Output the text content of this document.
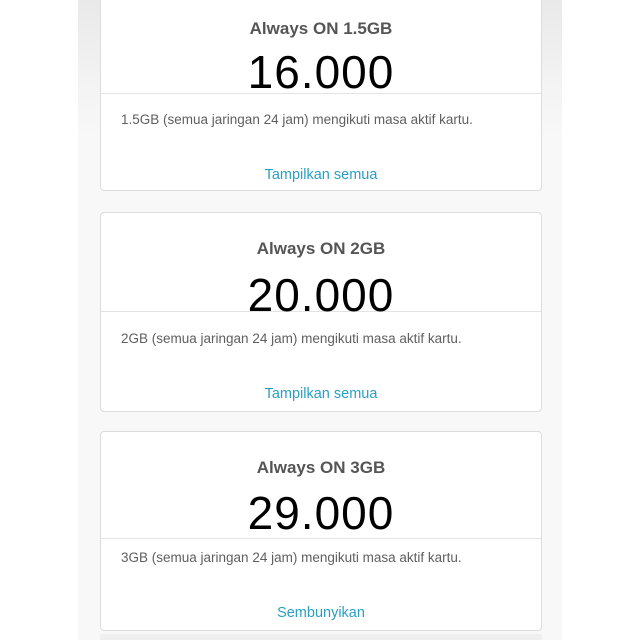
Always ON 1.5GB
16.000
1.5GB (semua jaringan 24 jam) mengikuti masa aktif kartu.
Tampilkan semua
Always ON 2GB
20.000
2GB (semua jaringan 24 jam) mengikuti masa aktif kartu.
Tampilkan semua
Always ON 3GB
29.000
3GB (semua jaringan 24 jam) mengikuti masa aktif kartu.
Sembunyikan
